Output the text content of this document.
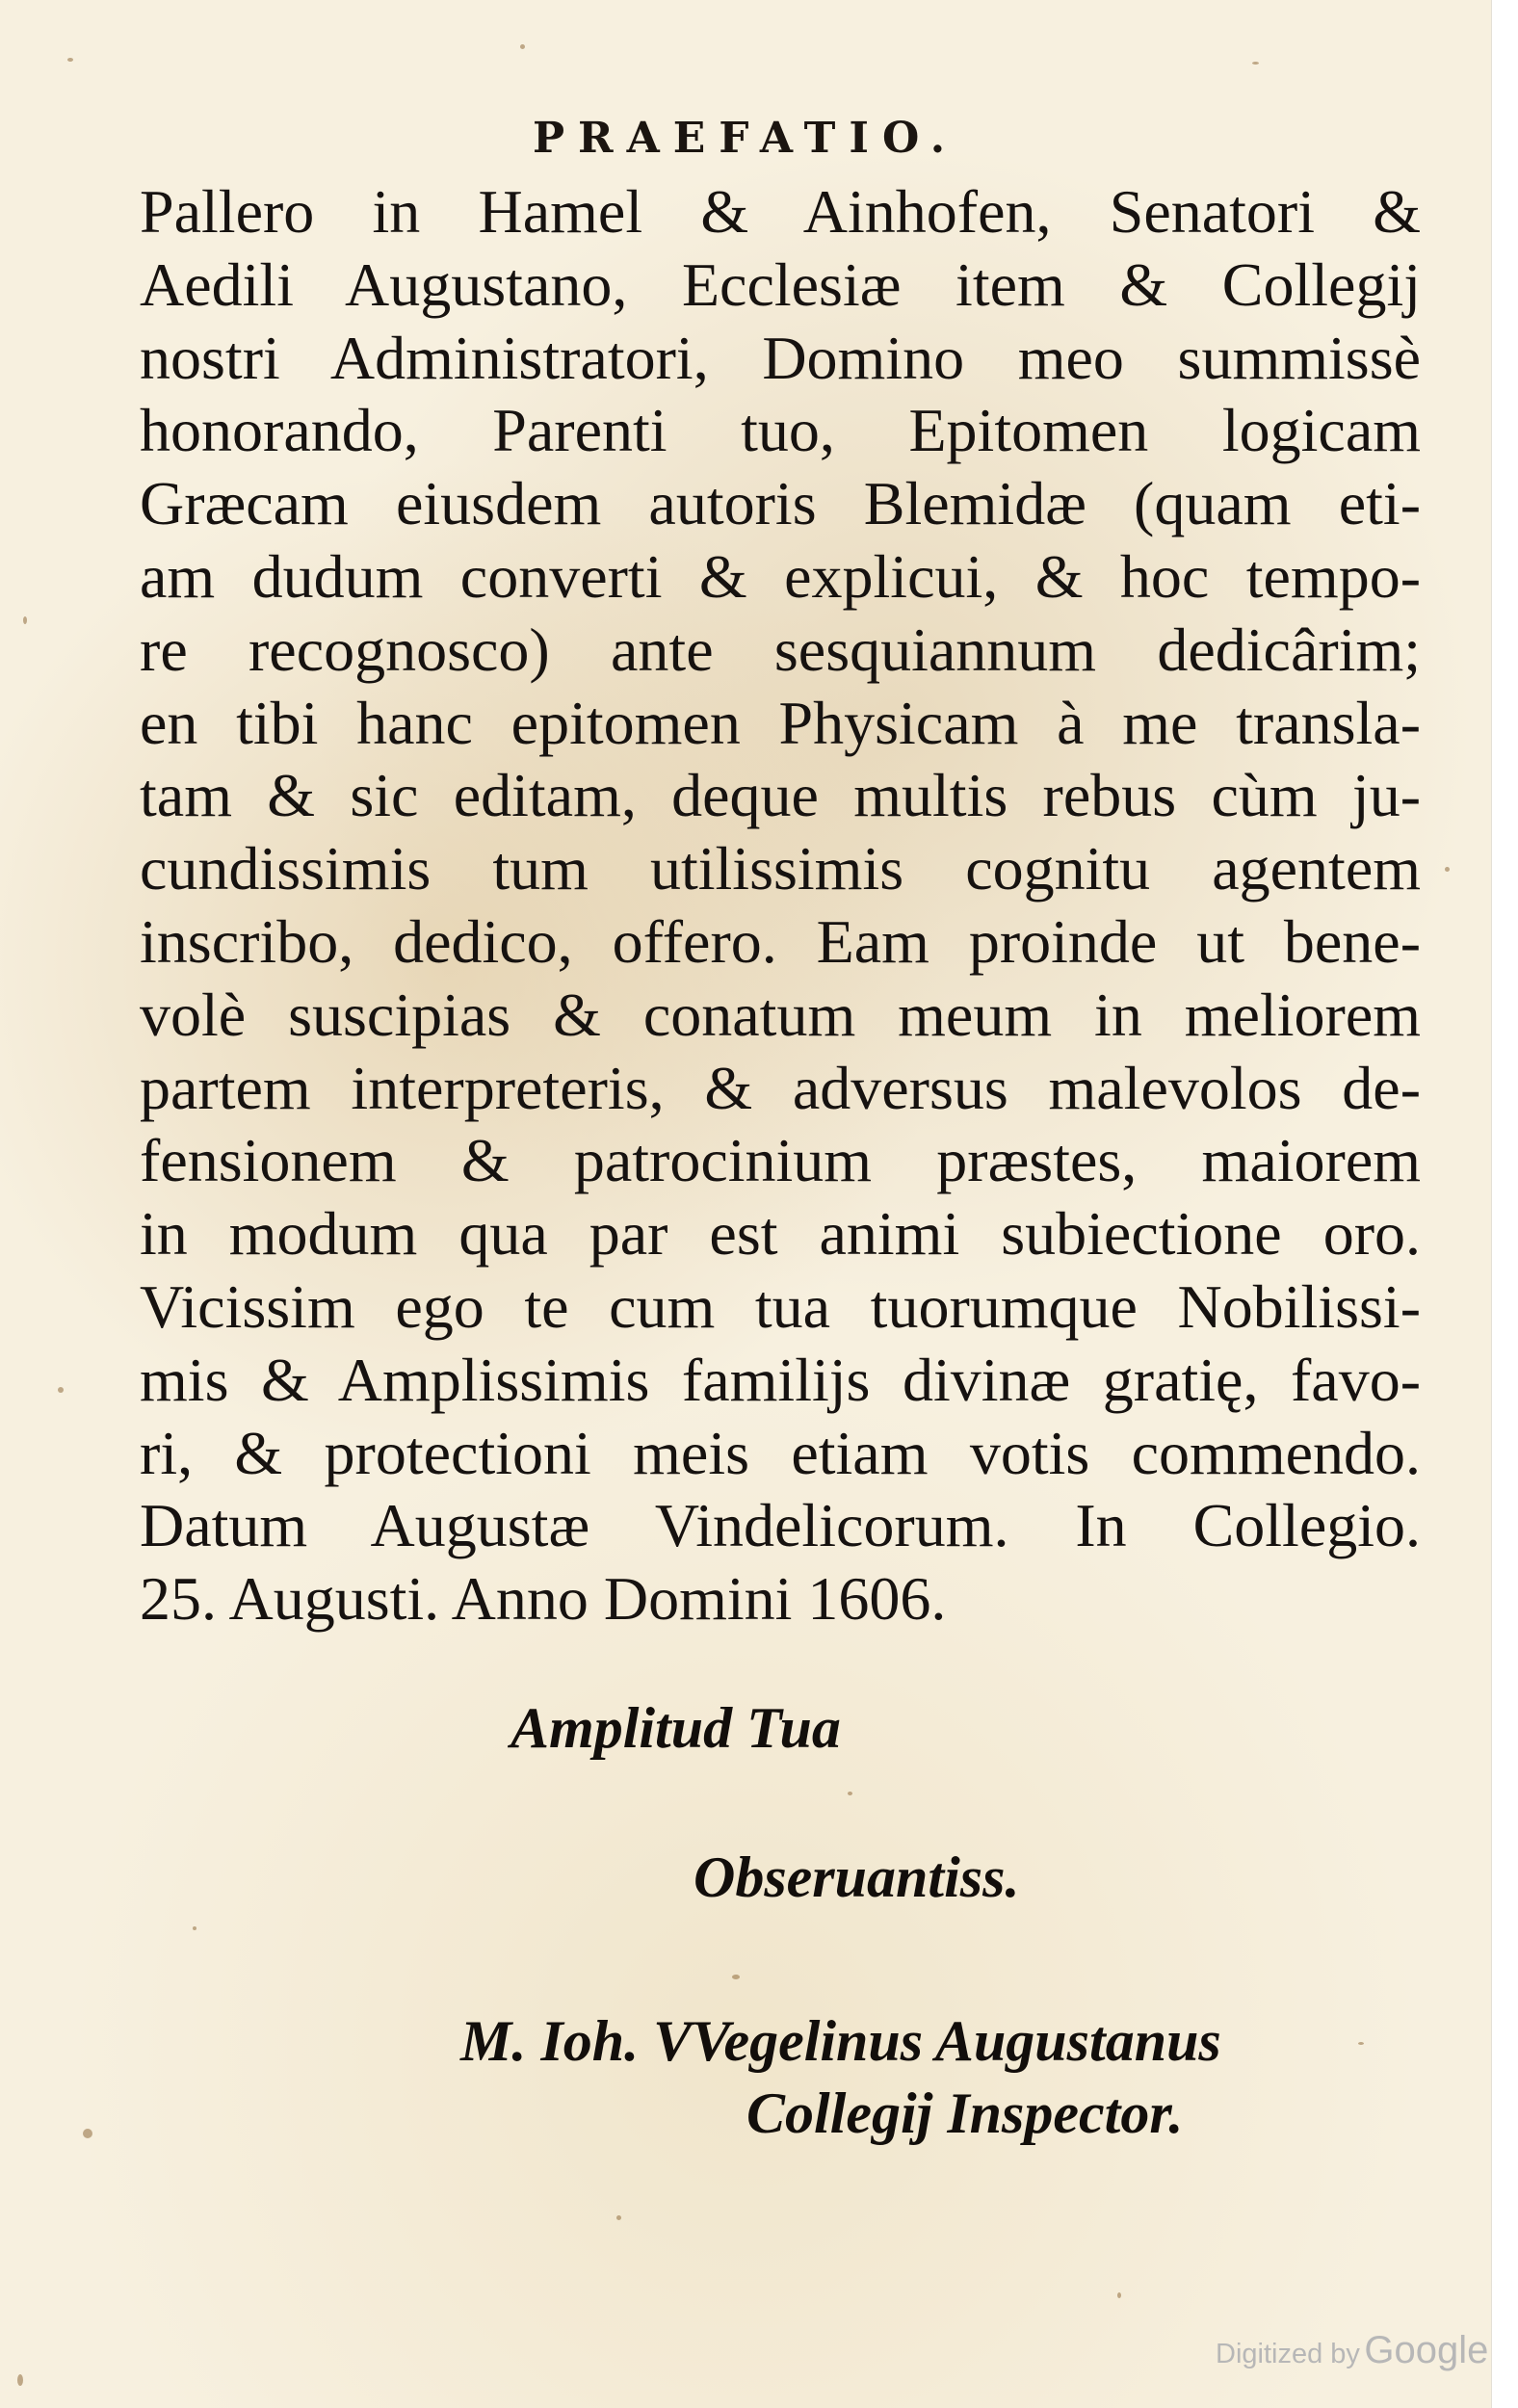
PRAEFATIO.
Pallero in Hamel & Ainhofen, Senatori &
Aedili Augustano, Ecclesiæ item & Collegij
nostri Administratori, Domino meo summissè
honorando, Parenti tuo, Epitomen logicam
Græcam eiusdem autoris Blemidæ (quam eti-
am dudum converti & explicui, & hoc tempo-
re recognosco) ante sesquiannum dedicârim;
en tibi hanc epitomen Physicam à me transla-
tam & sic editam, deque multis rebus cùm ju-
cundissimis tum utilissimis cognitu agentem
inscribo, dedico, offero. Eam proinde ut bene-
volè suscipias & conatum meum in meliorem
partem interpreteris, & adversus malevolos de-
fensionem & patrocinium præstes, maiorem
in modum qua par est animi subiectione oro.
Vicissim ego te cum tua tuorumque Nobilissi-
mis & Amplissimis familijs divinæ gratię, favo-
ri, & protectioni meis etiam votis commendo.
Datum Augustæ Vindelicorum. In Collegio.
25. Augusti. Anno Domini 1606.
Amplitud Tua
Obseruantiss.
M. Ioh. VVegelinus Augustanus
Collegij Inspector.
Digitized by Google
